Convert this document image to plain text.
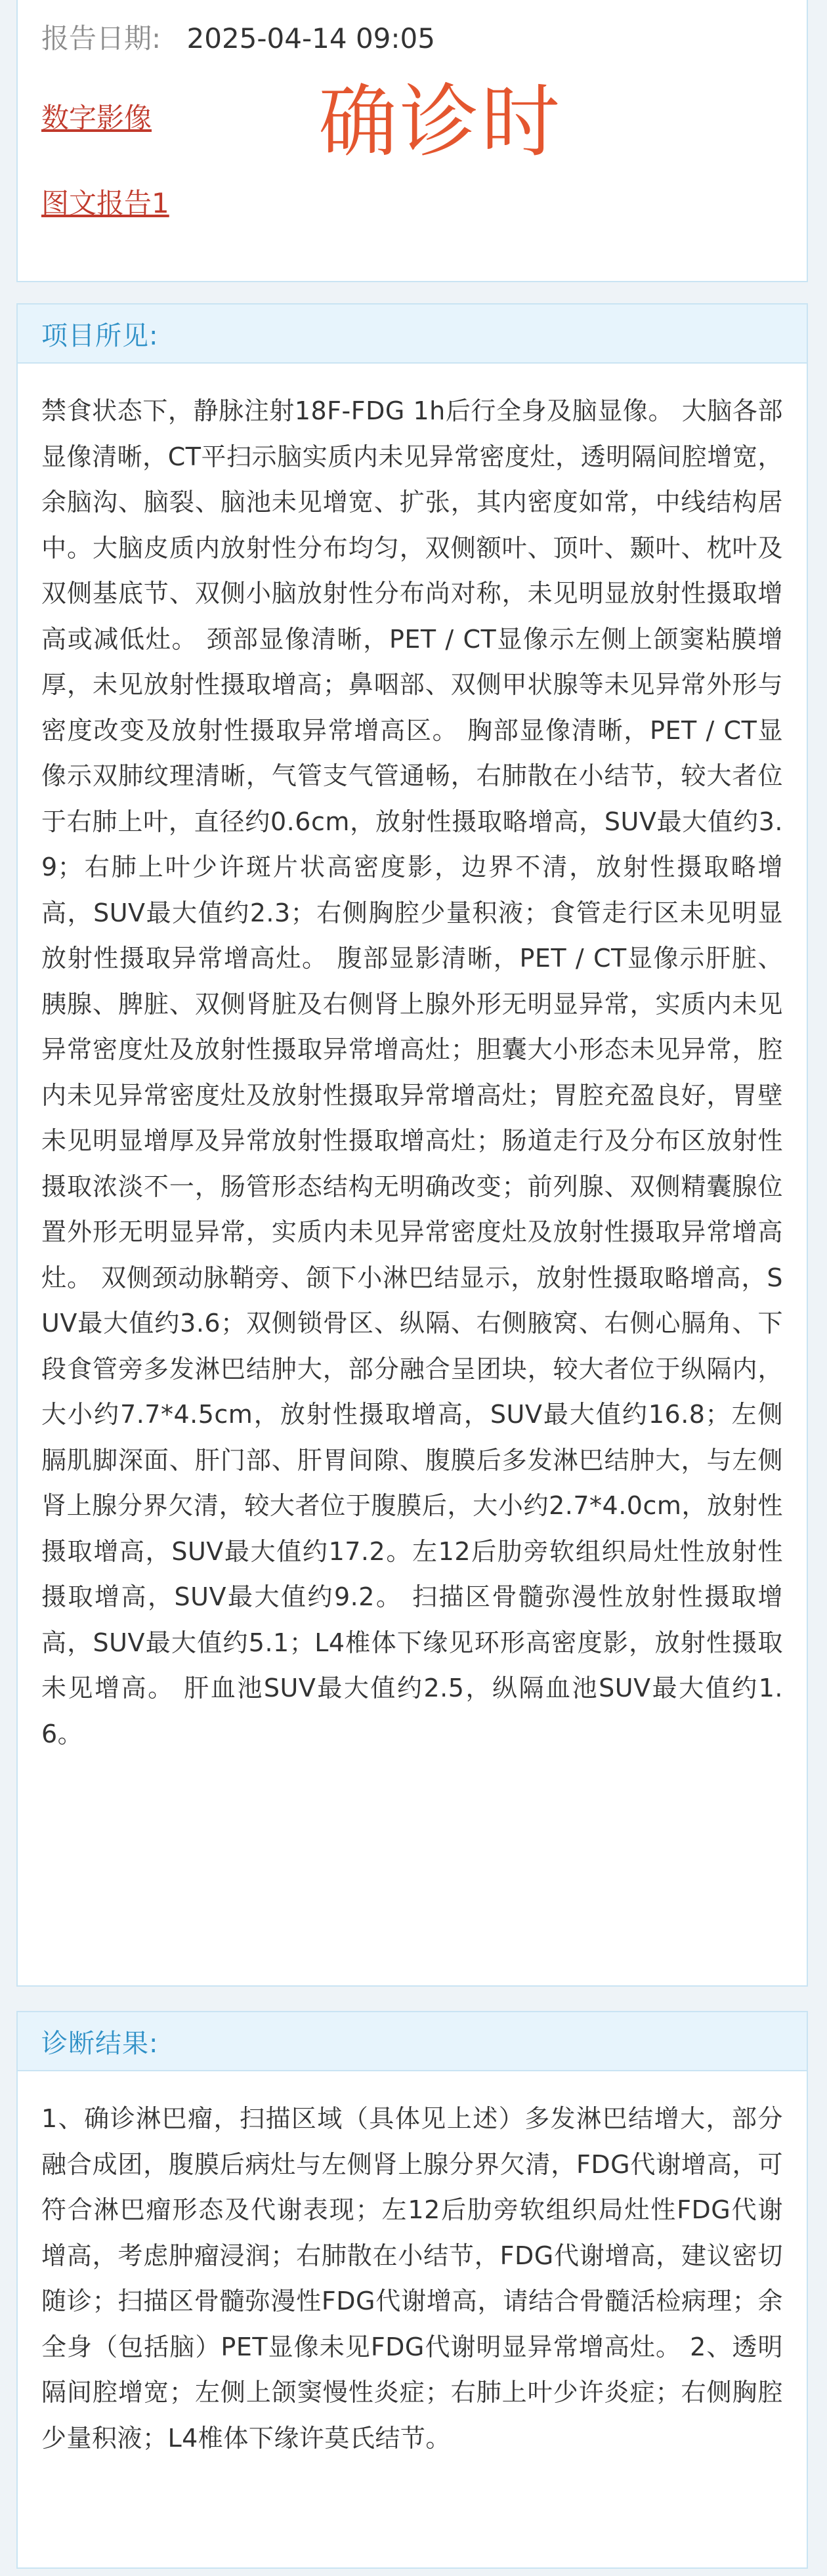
报告日期: 2025-04-14 09:05
数字影像
图文报告1
确诊时
项目所见:
禁食状态下，静脉注射18F-FDG 1h后行全身及脑显像。 大脑各部显像清晰，CT平扫示脑实质内未见异常密度灶，透明隔间腔增宽，余脑沟、脑裂、脑池未见增宽、扩张，其内密度如常，中线结构居中。大脑皮质内放射性分布均匀，双侧额叶、顶叶、颞叶、枕叶及双侧基底节、双侧小脑放射性分布尚对称，未见明显放射性摄取增高或减低灶。 颈部显像清晰，PET / CT显像示左侧上颌窦粘膜增厚，未见放射性摄取增高；鼻咽部、双侧甲状腺等未见异常外形与密度改变及放射性摄取异常增高区。 胸部显像清晰，PET / CT显像示双肺纹理清晰，气管支气管通畅，右肺散在小结节，较大者位于右肺上叶，直径约0.6cm，放射性摄取略增高，SUV最大值约3.9；右肺上叶少许斑片状高密度影，边界不清，放射性摄取略增高，SUV最大值约2.3；右侧胸腔少量积液；食管走行区未见明显放射性摄取异常增高灶。 腹部显影清晰，PET / CT显像示肝脏、胰腺、脾脏、双侧肾脏及右侧肾上腺外形无明显异常，实质内未见异常密度灶及放射性摄取异常增高灶；胆囊大小形态未见异常，腔内未见异常密度灶及放射性摄取异常增高灶；胃腔充盈良好，胃壁未见明显增厚及异常放射性摄取增高灶；肠道走行及分布区放射性摄取浓淡不一，肠管形态结构无明确改变；前列腺、双侧精囊腺位置外形无明显异常，实质内未见异常密度灶及放射性摄取异常增高灶。 双侧颈动脉鞘旁、颌下小淋巴结显示，放射性摄取略增高，SUV最大值约3.6；双侧锁骨区、纵隔、右侧腋窝、右侧心膈角、下段食管旁多发淋巴结肿大，部分融合呈团块，较大者位于纵隔内，大小约7.7*4.5cm，放射性摄取增高，SUV最大值约16.8；左侧膈肌脚深面、肝门部、肝胃间隙、腹膜后多发淋巴结肿大，与左侧肾上腺分界欠清，较大者位于腹膜后，大小约2.7*4.0cm，放射性摄取增高，SUV最大值约17.2。左12后肋旁软组织局灶性放射性摄取增高，SUV最大值约9.2。 扫描区骨髓弥漫性放射性摄取增高，SUV最大值约5.1；L4椎体下缘见环形高密度影，放射性摄取未见增高。 肝血池SUV最大值约2.5，纵隔血池SUV最大值约1.6。
诊断结果:
1、确诊淋巴瘤，扫描区域（具体见上述）多发淋巴结增大，部分融合成团，腹膜后病灶与左侧肾上腺分界欠清，FDG代谢增高，可符合淋巴瘤形态及代谢表现；左12后肋旁软组织局灶性FDG代谢增高，考虑肿瘤浸润；右肺散在小结节，FDG代谢增高，建议密切随诊；扫描区骨髓弥漫性FDG代谢增高，请结合骨髓活检病理；余全身（包括脑）PET显像未见FDG代谢明显异常增高灶。 2、透明隔间腔增宽；左侧上颌窦慢性炎症；右肺上叶少许炎症；右侧胸腔少量积液；L4椎体下缘许莫氏结节。
